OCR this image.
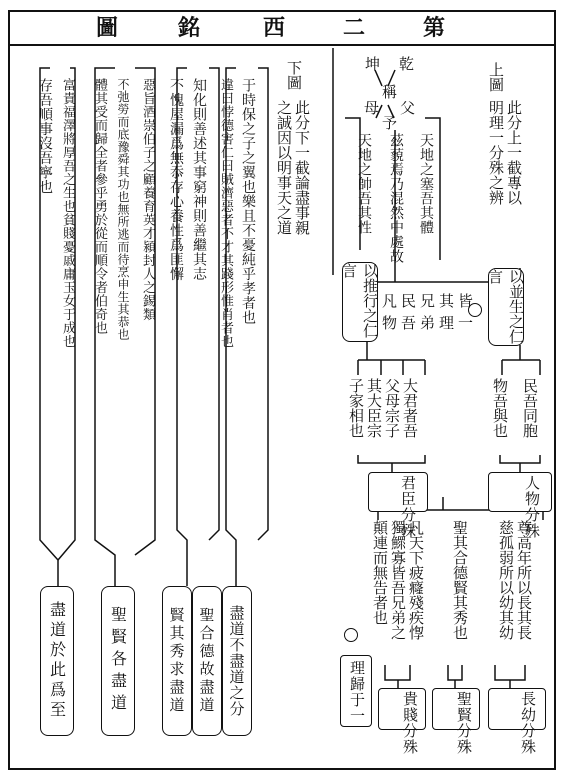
第
二
西
銘
圖
上圖
此分上一截專以
明理一分殊之辨
乾
坤
稱
父
母
予
天地之塞吾其體
茲藐焉乃混然中處故
天地之帥吾其性
以並生之仁言
以推行之仁言
凡民兄其皆
物吾弟理一
民吾同胞
物吾與也
大君者吾
父母宗子
其大臣宗
子家相也
人物分殊
君臣分殊
尊高年所以長其長
慈孤弱所以幼其幼
聖其合德賢其秀也
凡天下疲癃殘疾惸
獨鰥寡皆吾兄弟之
顛連而無告者也
理歸于一	長幼分殊
聖賢分殊
貴賤分殊
下圖
此分下一截論盡事親
之誠因以明事天之道
于時保之子之翼也樂且不憂純乎孝者也
違曰悖德害仁曰賊濟惡者不才其踐形惟肖者也
知化則善述其事窮神則善繼其志
不愧屋漏爲無忝存心養性爲匪懈
惡旨酒崇伯子之顧養育英才潁封人之錫類
不弛勞而底豫舜其功也無所逃而待烹申生其恭也
體其受而歸全者參乎勇於從而順令者伯奇也
富貴福澤將厚吾之生也貧賤憂戚庸玉女于成也
存吾順事沒吾寧也
盡道不盡道之分
聖合德故盡道
賢其秀求盡道
聖賢各盡道
盡道於此爲至
